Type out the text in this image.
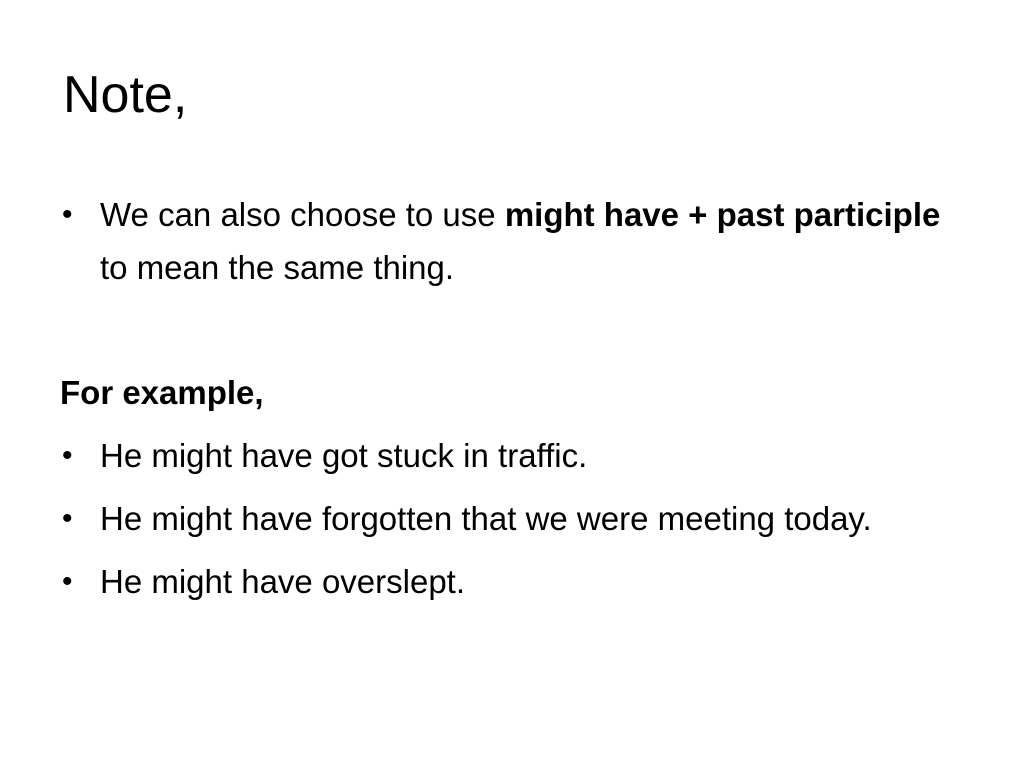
Note,
• We can also choose to use might have + past participle to mean the same thing.
For example,
• He might have got stuck in traffic.
• He might have forgotten that we were meeting today.
• He might have overslept.
